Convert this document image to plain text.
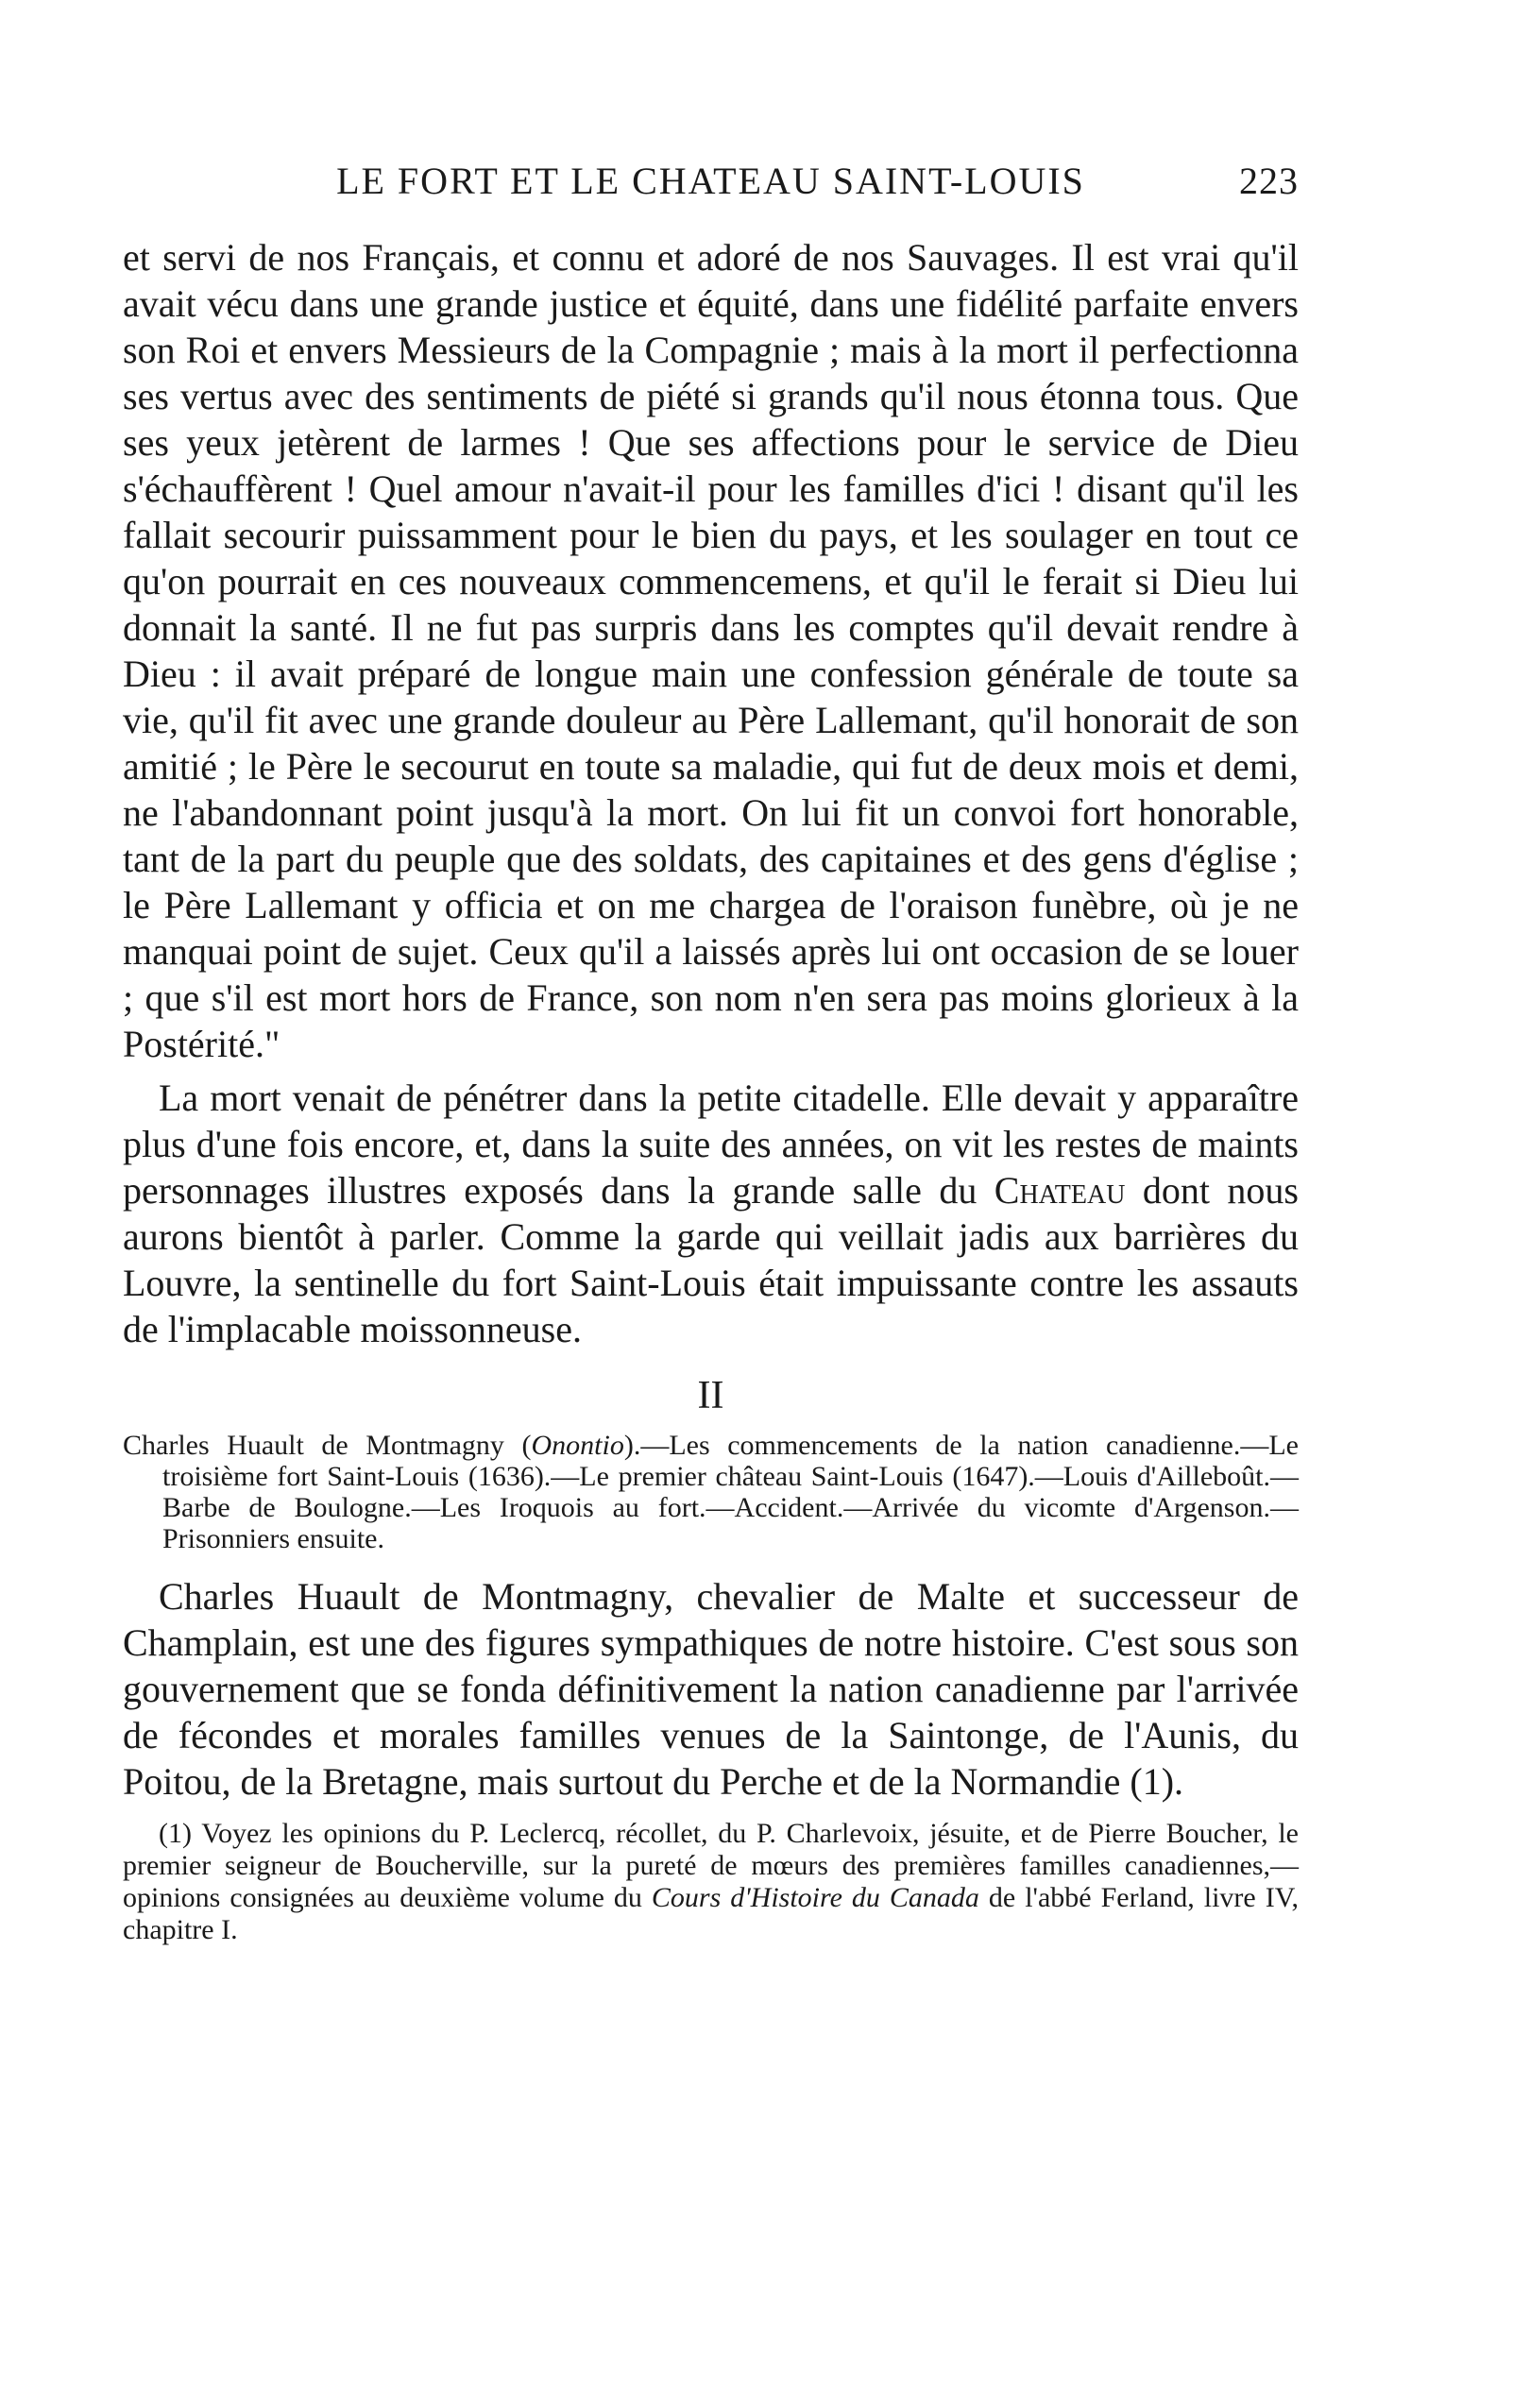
LE FORT ET LE CHATEAU SAINT-LOUIS	223

et servi de nos Français, et connu et adoré de nos Sauvages. Il est vrai qu'il avait vécu dans une grande justice et équité, dans une fidélité parfaite envers son Roi et envers Messieurs de la Compagnie ; mais à la mort il perfectionna ses vertus avec des sentiments de piété si grands qu'il nous étonna tous. Que ses yeux jetèrent de larmes ! Que ses affections pour le service de Dieu s'échauffèrent ! Quel amour n'avait-il pour les familles d'ici ! disant qu'il les fallait secourir puissamment pour le bien du pays, et les soulager en tout ce qu'on pourrait en ces nouveaux commencemens, et qu'il le ferait si Dieu lui donnait la santé. Il ne fut pas surpris dans les comptes qu'il devait rendre à Dieu : il avait préparé de longue main une confession générale de toute sa vie, qu'il fit avec une grande douleur au Père Lallemant, qu'il honorait de son amitié ; le Père le secourut en toute sa maladie, qui fut de deux mois et demi, ne l'abandonnant point jusqu'à la mort. On lui fit un convoi fort honorable, tant de la part du peuple que des soldats, des capitaines et des gens d'église ; le Père Lallemant y officia et on me chargea de l'oraison funèbre, où je ne manquai point de sujet. Ceux qu'il a laissés après lui ont occasion de se louer ; que s'il est mort hors de France, son nom n'en sera pas moins glorieux à la Postérité."

La mort venait de pénétrer dans la petite citadelle. Elle devait y apparaître plus d'une fois encore, et, dans la suite des années, on vit les restes de maints personnages illustres exposés dans la grande salle du Chateau dont nous aurons bientôt à parler. Comme la garde qui veillait jadis aux barrières du Louvre, la sentinelle du fort Saint-Louis était impuissante contre les assauts de l'implacable moissonneuse.

II

Charles Huault de Montmagny (Onontio).—Les commencements de la nation canadienne.—Le troisième fort Saint-Louis (1636).—Le premier château Saint-Louis (1647).—Louis d'Ailleboût.—Barbe de Boulogne.—Les Iroquois au fort.—Accident.—Arrivée du vicomte d'Argenson.—Prisonniers ensuite.

Charles Huault de Montmagny, chevalier de Malte et successeur de Champlain, est une des figures sympathiques de notre histoire. C'est sous son gouvernement que se fonda définitivement la nation canadienne par l'arrivée de fécondes et morales familles venues de la Saintonge, de l'Aunis, du Poitou, de la Bretagne, mais surtout du Perche et de la Normandie (1).

(1) Voyez les opinions du P. Leclercq, récollet, du P. Charlevoix, jésuite, et de Pierre Boucher, le premier seigneur de Boucherville, sur la pureté de mœurs des premières familles canadiennes,—opinions consignées au deuxième volume du Cours d'Histoire du Canada de l'abbé Ferland, livre IV, chapitre I.
